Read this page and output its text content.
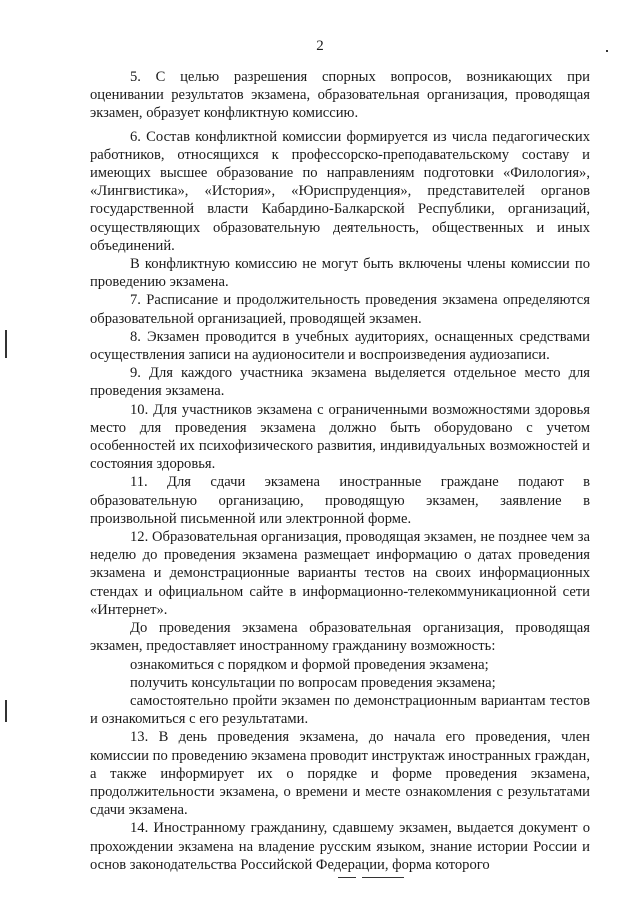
2

5. С целью разрешения спорных вопросов, возникающих при оценивании результатов экзамена, образовательная организация, проводящая экзамен, образует конфликтную комиссию.

6. Состав конфликтной комиссии формируется из числа педагогических работников, относящихся к профессорско-преподавательскому составу и имеющих высшее образование по направлениям подготовки «Филология», «Лингвистика», «История», «Юриспруденция», представителей органов государственной власти Кабардино-Балкарской Республики, организаций, осуществляющих образовательную деятельность, общественных и иных объединений.

В конфликтную комиссию не могут быть включены члены комиссии по проведению экзамена.

7. Расписание и продолжительность проведения экзамена определяются образовательной организацией, проводящей экзамен.

8. Экзамен проводится в учебных аудиториях, оснащенных средствами осуществления записи на аудионосители и воспроизведения аудиозаписи.

9. Для каждого участника экзамена выделяется отдельное место для проведения экзамена.

10. Для участников экзамена с ограниченными возможностями здоровья место для проведения экзамена должно быть оборудовано с учетом особенностей их психофизического развития, индивидуальных возможностей и состояния здоровья.

11. Для сдачи экзамена иностранные граждане подают в образовательную организацию, проводящую экзамен, заявление в произвольной письменной или электронной форме.

12. Образовательная организация, проводящая экзамен, не позднее чем за неделю до проведения экзамена размещает информацию о датах проведения экзамена и демонстрационные варианты тестов на своих информационных стендах и официальном сайте в информационно-телекоммуникационной сети «Интернет».

До проведения экзамена образовательная организация, проводящая экзамен, предоставляет иностранному гражданину возможность:

ознакомиться с порядком и формой проведения экзамена;

получить консультации по вопросам проведения экзамена;

самостоятельно пройти экзамен по демонстрационным вариантам тестов и ознакомиться с его результатами.

13. В день проведения экзамена, до начала его проведения, член комиссии по проведению экзамена проводит инструктаж иностранных граждан, а также информирует их о порядке и форме проведения экзамена, продолжительности экзамена, о времени и месте ознакомления с результатами сдачи экзамена.

14. Иностранному гражданину, сдавшему экзамен, выдается документ о прохождении экзамена на владение русским языком, знание истории России и основ законодательства Российской Федерации, форма которого
